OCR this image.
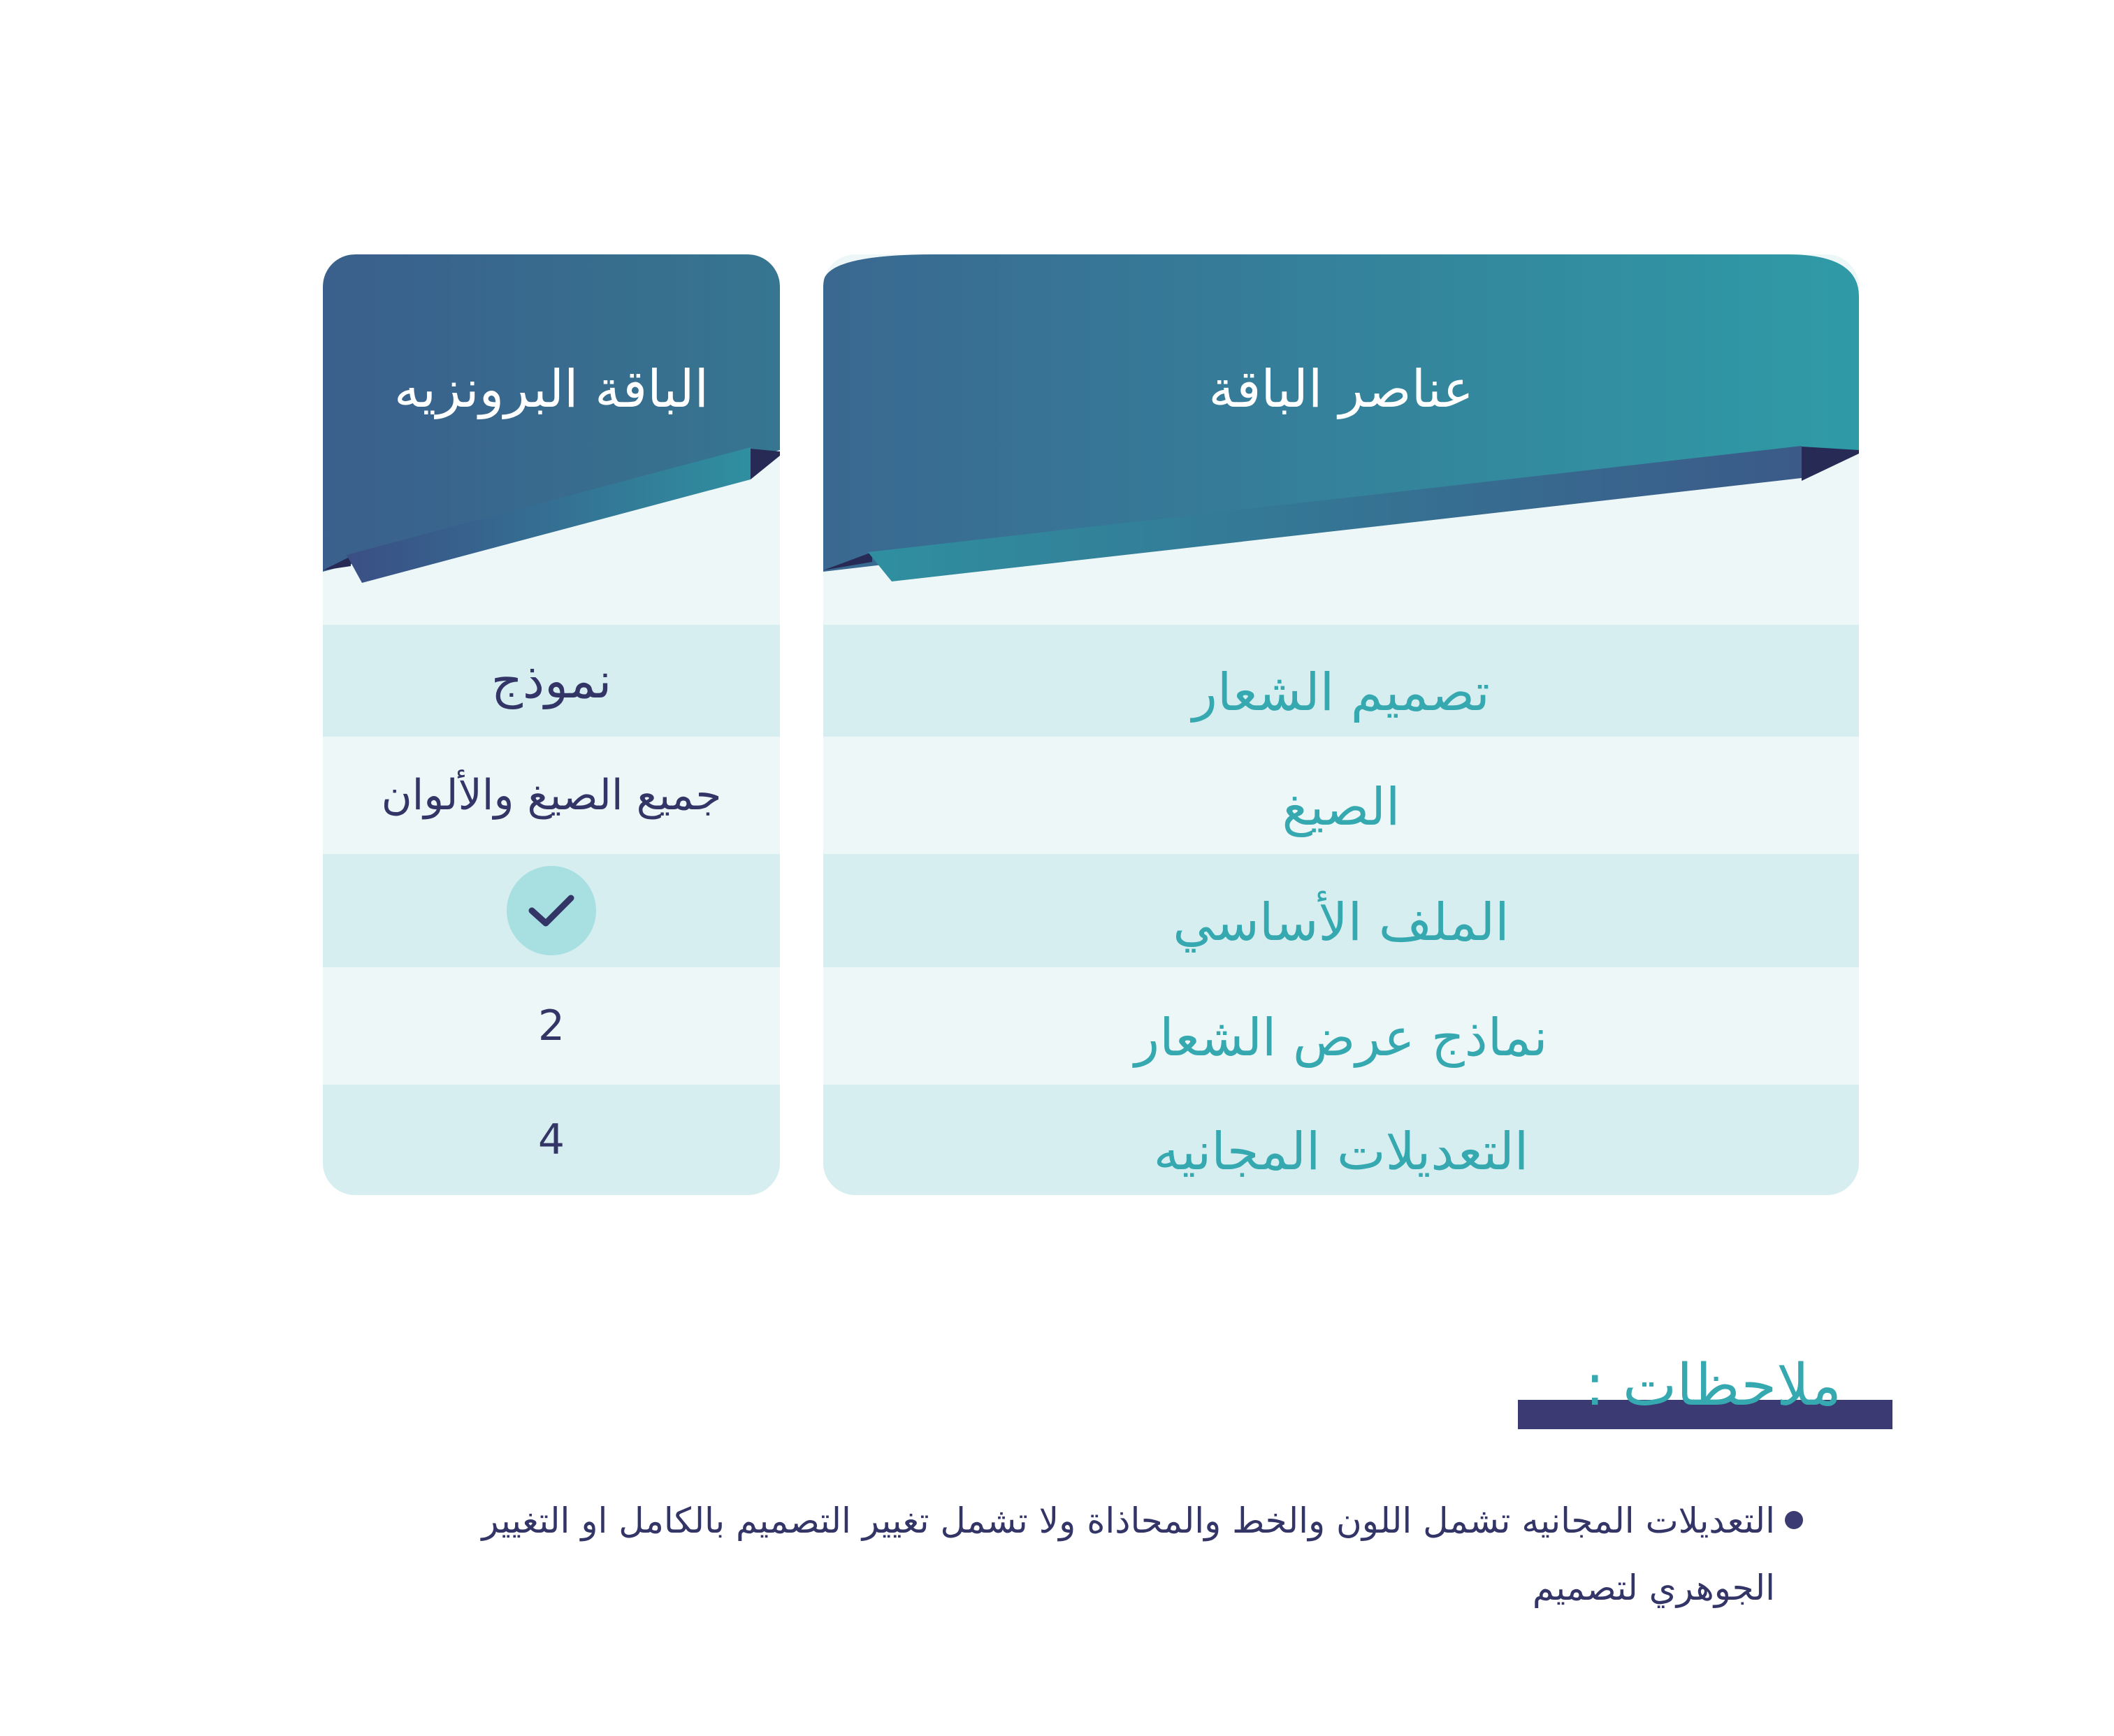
عناصر الباقة
تصميم الشعار
الصيغ
الملف الأساسي
نماذج عرض الشعار
التعديلات المجانيه
الباقة البرونزيه
نموذج
جميع الصيغ والألوان
2
4
ملاحظات :
التعديلات المجانيه تشمل اللون والخط والمحاذاة ولا تشمل تغيير التصميم بالكامل او التغيير
الجوهري لتصميم
